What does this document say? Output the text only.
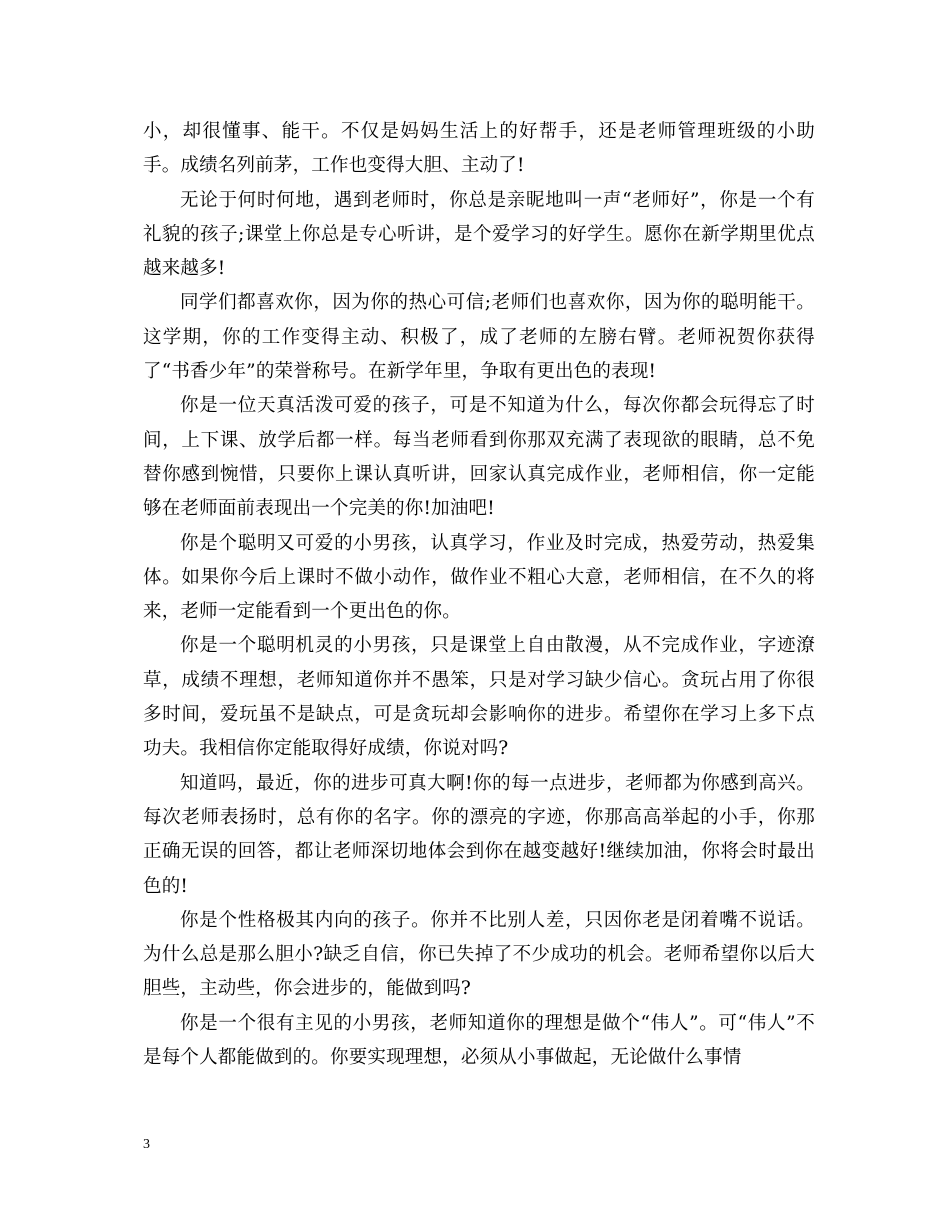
小，却很懂事、能干。不仅是妈妈生活上的好帮手，还是老师管理班级的小助手。成绩名列前茅，工作也变得大胆、主动了!

无论于何时何地，遇到老师时，你总是亲昵地叫一声“老师好”，你是一个有礼貌的孩子;课堂上你总是专心听讲，是个爱学习的好学生。愿你在新学期里优点越来越多!

同学们都喜欢你，因为你的热心可信;老师们也喜欢你，因为你的聪明能干。这学期，你的工作变得主动、积极了，成了老师的左膀右臂。老师祝贺你获得了“书香少年”的荣誉称号。在新学年里，争取有更出色的表现!

你是一位天真活泼可爱的孩子，可是不知道为什么，每次你都会玩得忘了时间，上下课、放学后都一样。每当老师看到你那双充满了表现欲的眼睛，总不免替你感到惋惜，只要你上课认真听讲，回家认真完成作业，老师相信，你一定能够在老师面前表现出一个完美的你!加油吧!

你是个聪明又可爱的小男孩，认真学习，作业及时完成，热爱劳动，热爱集体。如果你今后上课时不做小动作，做作业不粗心大意，老师相信，在不久的将来，老师一定能看到一个更出色的你。

你是一个聪明机灵的小男孩，只是课堂上自由散漫，从不完成作业，字迹潦草，成绩不理想，老师知道你并不愚笨，只是对学习缺少信心。贪玩占用了你很多时间，爱玩虽不是缺点，可是贪玩却会影响你的进步。希望你在学习上多下点功夫。我相信你定能取得好成绩，你说对吗?

知道吗，最近，你的进步可真大啊!你的每一点进步，老师都为你感到高兴。每次老师表扬时，总有你的名字。你的漂亮的字迹，你那高高举起的小手，你那正确无误的回答，都让老师深切地体会到你在越变越好!继续加油，你将会时最出色的!

你是个性格极其内向的孩子。你并不比别人差，只因你老是闭着嘴不说话。为什么总是那么胆小?缺乏自信，你已失掉了不少成功的机会。老师希望你以后大胆些，主动些，你会进步的，能做到吗?

你是一个很有主见的小男孩，老师知道你的理想是做个“伟人”。可“伟人”不是每个人都能做到的。你要实现理想，必须从小事做起，无论做什么事情

3
